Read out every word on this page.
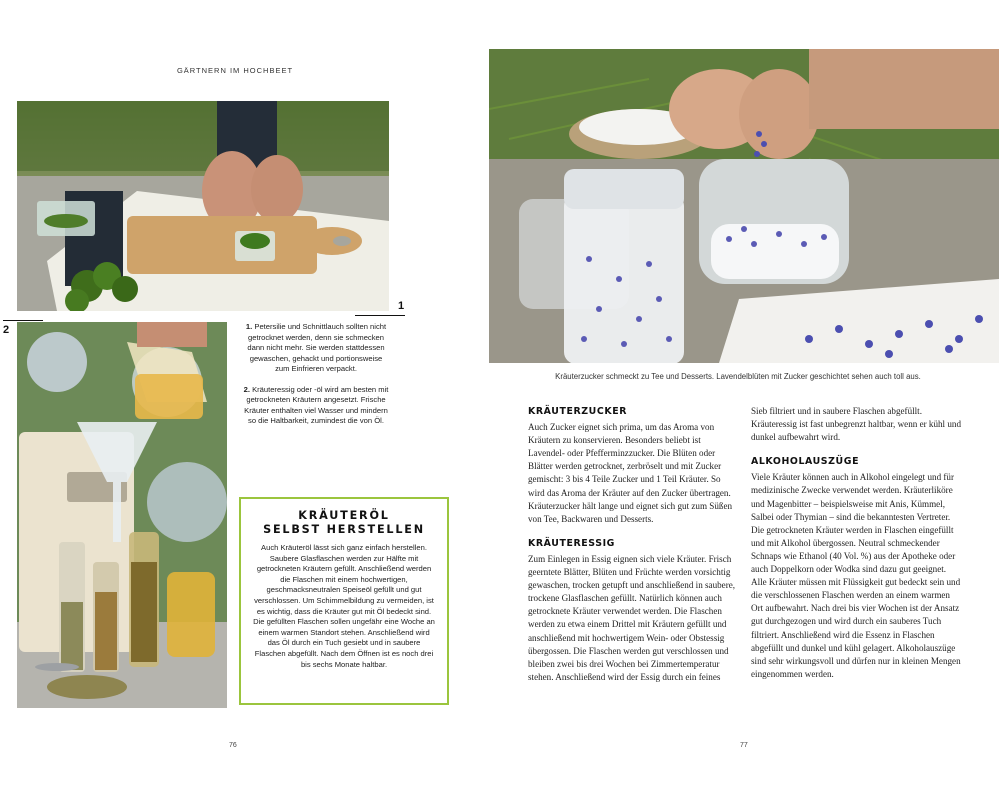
GÄRTNERN IM HOCHBEET
1
2	1. Petersilie und Schnittlauch sollten nicht getrocknet werden, denn sie schmecken dann nicht mehr. Sie werden stattdessen gewaschen, gehackt und portionsweise zum Einfrieren verpackt.

2. Kräuteressig oder -öl wird am besten mit getrockneten Kräutern angesetzt. Frische Kräuter enthalten viel Wasser und mindern so die Haltbarkeit, zumindest die von Öl.

KRÄUTERÖL
SELBST HERSTELLEN
Auch Kräuteröl lässt sich ganz einfach herstellen. Saubere Glasflaschen werden zur Hälfte mit getrockneten Kräutern gefüllt. Anschließend werden die Flaschen mit einem hochwertigen, geschmacksneutralen Speiseöl gefüllt und gut verschlossen. Um Schimmelbildung zu vermeiden, ist es wichtig, dass die Kräuter gut mit Öl bedeckt sind. Die gefüllten Flaschen sollen ungefähr eine Woche an einem warmen Standort stehen. Anschließend wird das Öl durch ein Tuch gesiebt und in saubere Flaschen abgefüllt. Nach dem Öffnen ist es noch drei bis sechs Monate haltbar.
76
Kräuterzucker schmeckt zu Tee und Desserts. Lavendelblüten mit Zucker geschichtet sehen auch toll aus.
KRÄUTERZUCKER

Auch Zucker eignet sich prima, um das Aroma von Kräutern zu konservieren. Besonders beliebt ist Lavendel- oder Pfefferminzzucker. Die Blüten oder Blätter werden getrocknet, zerbröselt und mit Zucker gemischt: 3 bis 4 Teile Zucker und 1 Teil Kräuter. So wird das Aroma der Kräuter auf den Zucker übertragen. Kräuterzucker hält lange und eignet sich gut zum Süßen von Tee, Backwaren und Desserts.

KRÄUTERESSIG

Zum Einlegen in Essig eignen sich viele Kräuter. Frisch geerntete Blätter, Blüten und Früchte werden vorsichtig gewaschen, trocken getupft und anschließend in saubere, trockene Glasflaschen gefüllt. Natürlich können auch getrocknete Kräuter verwendet werden. Die Flaschen werden zu etwa einem Drittel mit Kräutern gefüllt und anschließend mit hochwertigem Wein- oder Obstessig übergossen. Die Flaschen werden gut verschlossen und bleiben zwei bis drei Wochen bei Zimmertemperatur stehen. Anschließend wird der Essig durch ein feines

Sieb filtriert und in saubere Flaschen abgefüllt. Kräuteressig ist fast unbegrenzt haltbar, wenn er kühl und dunkel aufbewahrt wird.

ALKOHOLAUSZÜGE

Viele Kräuter können auch in Alkohol eingelegt und für medizinische Zwecke verwendet werden. Kräuterliköre und Magenbitter – beispielsweise mit Anis, Kümmel, Salbei oder Thymian – sind die bekanntesten Vertreter. Die getrockneten Kräuter werden in Flaschen eingefüllt und mit Alkohol übergossen. Neutral schmeckender Schnaps wie Ethanol (40 Vol. %) aus der Apotheke oder auch Doppelkorn oder Wodka sind dazu gut geeignet. Alle Kräuter müssen mit Flüssigkeit gut bedeckt sein und die verschlossenen Flaschen werden an einem warmen Ort aufbewahrt. Nach drei bis vier Wochen ist der Ansatz gut durchgezogen und wird durch ein sauberes Tuch filtriert. Anschließend wird die Essenz in Flaschen abgefüllt und dunkel und kühl gelagert. Alkoholauszüge sind sehr wirkungsvoll und dürfen nur in kleinen Mengen eingenommen werden.

77
